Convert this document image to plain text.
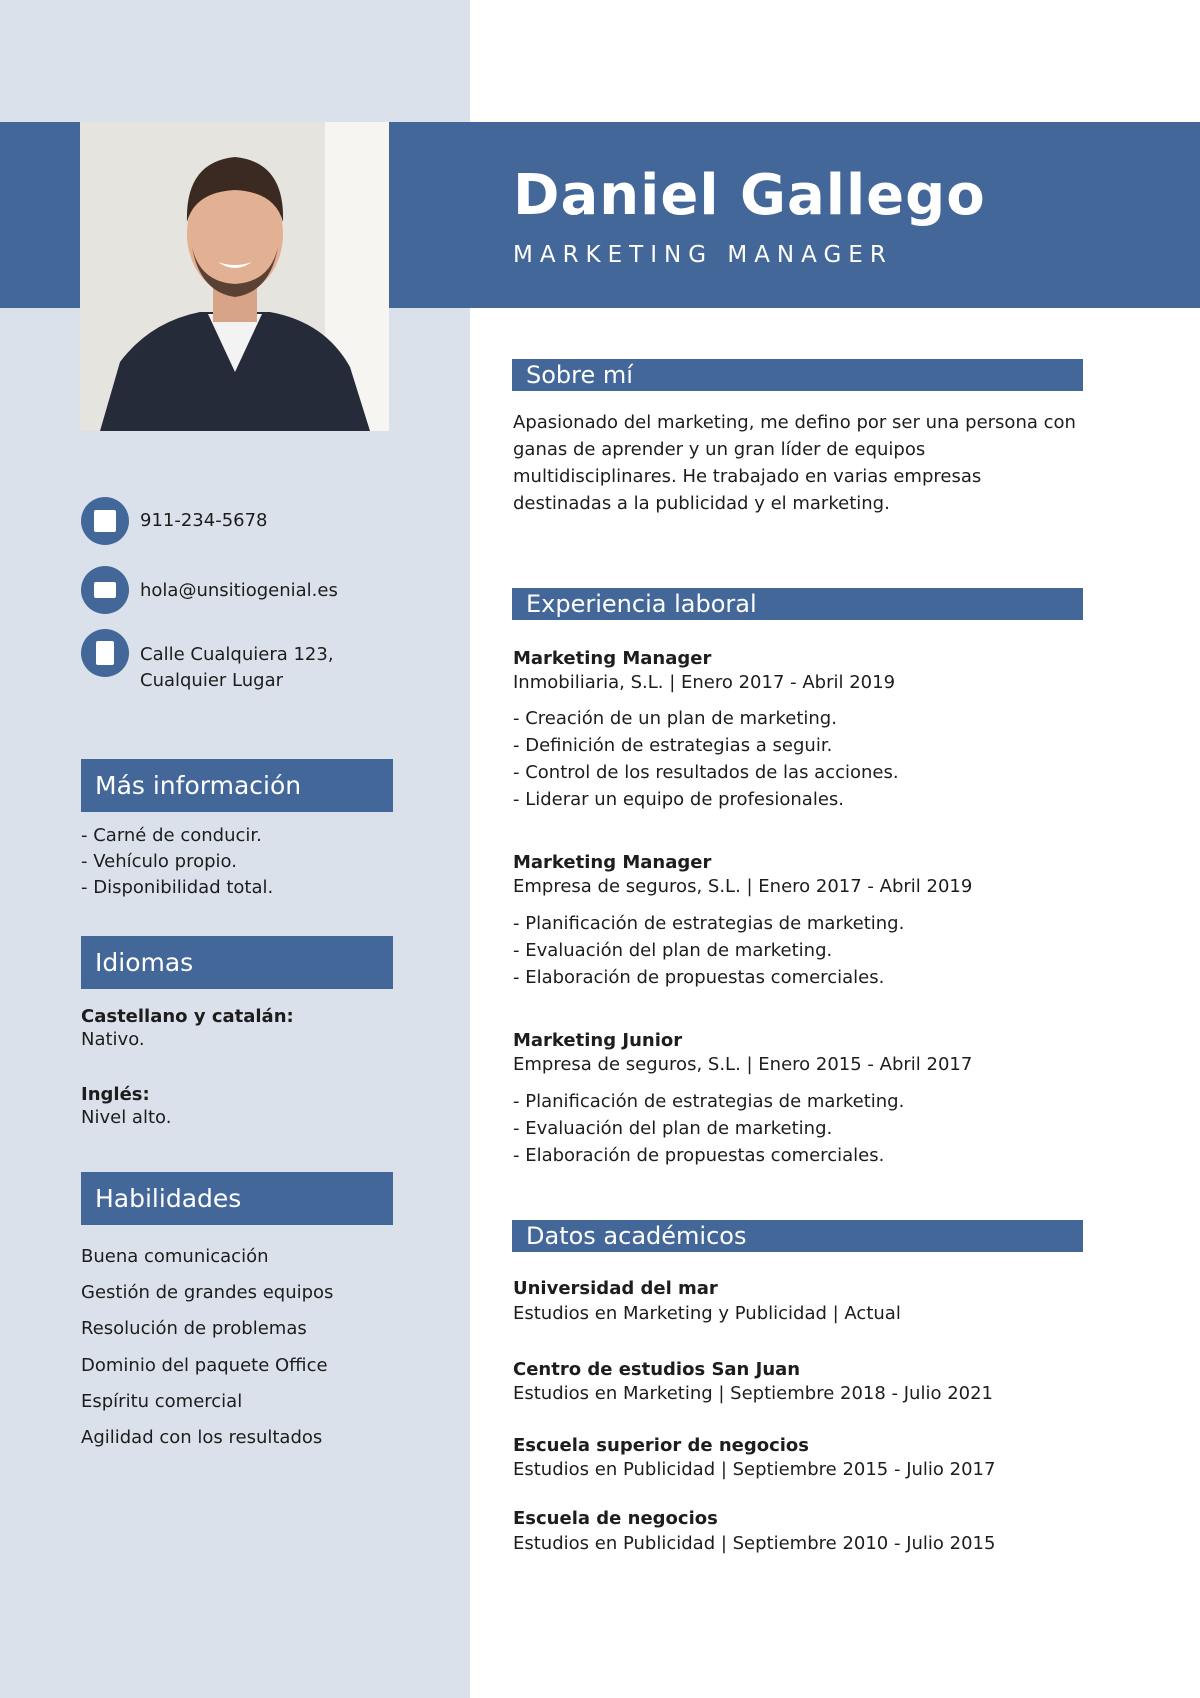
Daniel Gallego
MARKETING MANAGER
911-234-5678
hola@unsitiogenial.es
Calle Cualquiera 123,
Cualquier Lugar
Más información
- Carné de conducir.
- Vehículo propio.
- Disponibilidad total.
Idiomas
Castellano y catalán:
Nativo.
Inglés:
Nivel alto.
Habilidades
Buena comunicación
Gestión de grandes equipos
Resolución de problemas
Dominio del paquete Office
Espíritu comercial
Agilidad con los resultados
Sobre mí

Apasionado del marketing, me defino por ser una persona con ganas de aprender y un gran líder de equipos multidisciplinares. He trabajado en varias empresas destinadas a la publicidad y el marketing.

Experiencia laboral
Marketing Manager
Inmobiliaria, S.L. | Enero 2017 - Abril 2019
- Creación de un plan de marketing.
- Definición de estrategias a seguir.
- Control de los resultados de las acciones.
- Liderar un equipo de profesionales.
Marketing Manager
Empresa de seguros, S.L. | Enero 2017 - Abril 2019
- Planificación de estrategias de marketing.
- Evaluación del plan de marketing.
- Elaboración de propuestas comerciales.
Marketing Junior
Empresa de seguros, S.L. | Enero 2015 - Abril 2017
- Planificación de estrategias de marketing.
- Evaluación del plan de marketing.
- Elaboración de propuestas comerciales.
Datos académicos
Universidad del mar
Estudios en Marketing y Publicidad | Actual
Centro de estudios San Juan
Estudios en Marketing | Septiembre 2018 - Julio 2021
Escuela superior de negocios
Estudios en Publicidad | Septiembre 2015 - Julio 2017
Escuela de negocios
Estudios en Publicidad | Septiembre 2010 - Julio 2015
